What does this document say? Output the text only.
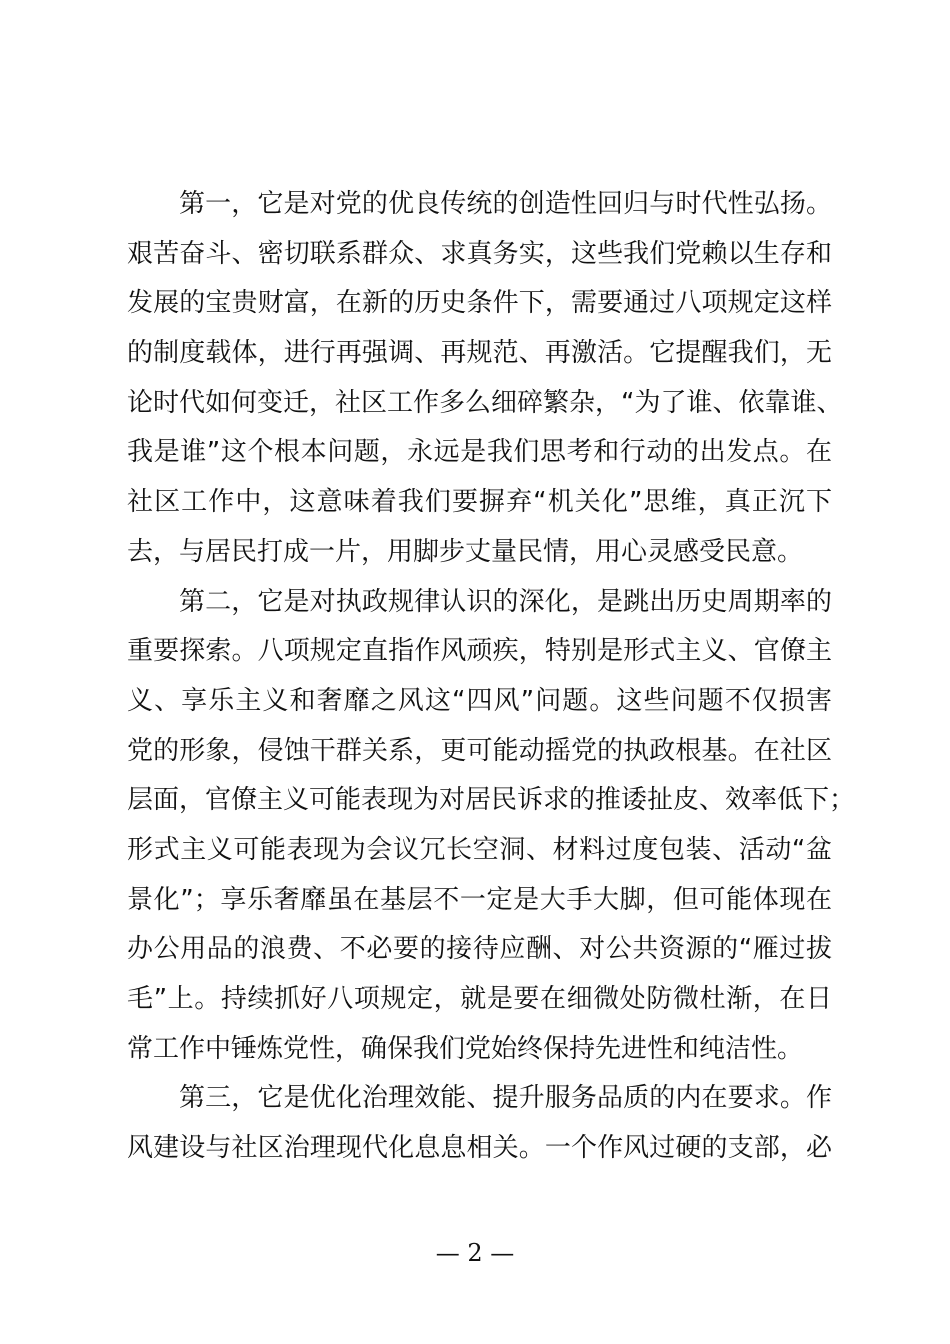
第一，它是对党的优良传统的创造性回归与时代性弘扬。
艰苦奋斗、密切联系群众、求真务实，这些我们党赖以生存和
发展的宝贵财富，在新的历史条件下，需要通过八项规定这样
的制度载体，进行再强调、再规范、再激活。它提醒我们，无
论时代如何变迁，社区工作多么细碎繁杂，“为了谁、依靠谁、
我是谁”这个根本问题，永远是我们思考和行动的出发点。在
社区工作中，这意味着我们要摒弃“机关化”思维，真正沉下
去，与居民打成一片，用脚步丈量民情，用心灵感受民意。
第二，它是对执政规律认识的深化，是跳出历史周期率的
重要探索。八项规定直指作风顽疾，特别是形式主义、官僚主
义、享乐主义和奢靡之风这“四风”问题。这些问题不仅损害
党的形象，侵蚀干群关系，更可能动摇党的执政根基。在社区
层面，官僚主义可能表现为对居民诉求的推诿扯皮、效率低下；
形式主义可能表现为会议冗长空洞、材料过度包装、活动“盆
景化”；享乐奢靡虽在基层不一定是大手大脚，但可能体现在
办公用品的浪费、不必要的接待应酬、对公共资源的“雁过拔
毛”上。持续抓好八项规定，就是要在细微处防微杜渐，在日
常工作中锤炼党性，确保我们党始终保持先进性和纯洁性。
第三，它是优化治理效能、提升服务品质的内在要求。作
风建设与社区治理现代化息息相关。一个作风过硬的支部，必
— 2 —
